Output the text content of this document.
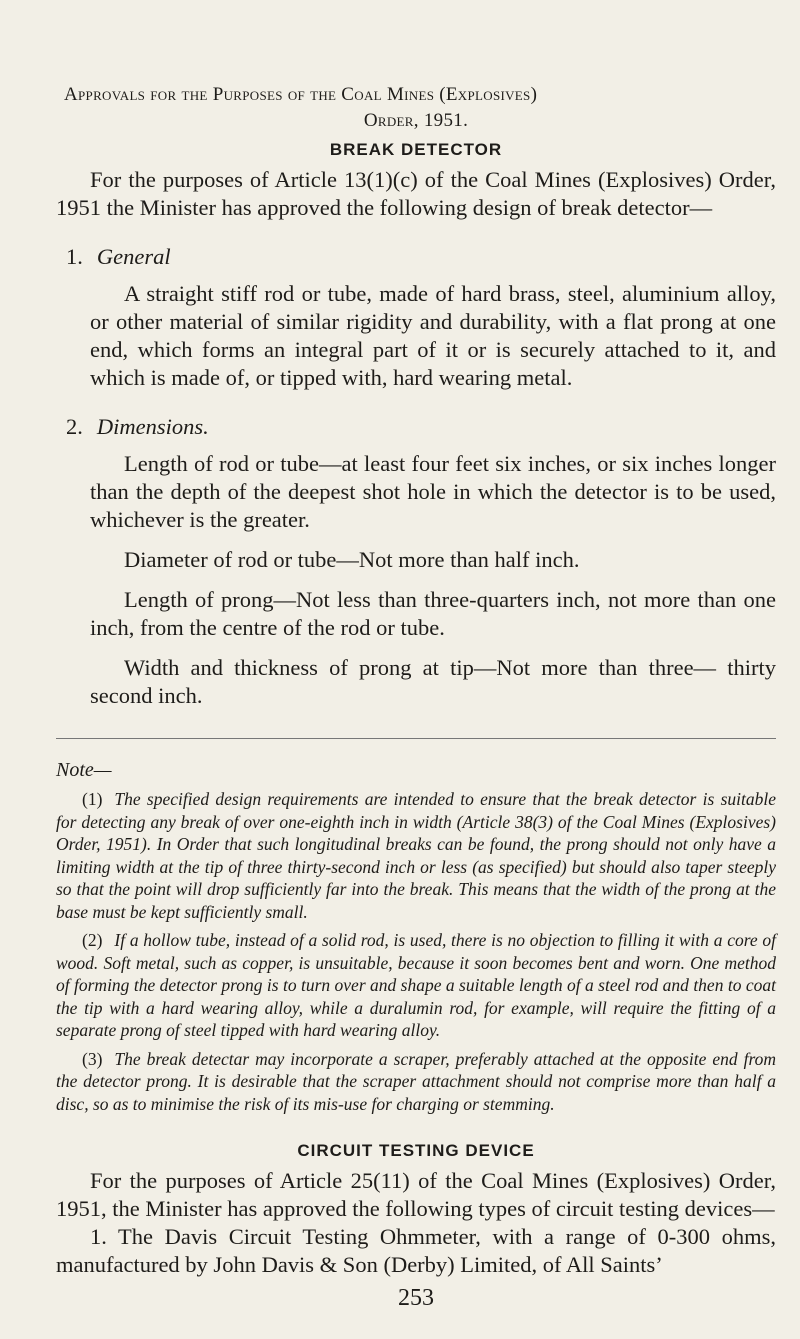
Approvals for the Purposes of the Coal Mines (Explosives)

Order, 1951.

BREAK DETECTOR

For the purposes of Article 13(1)(c) of the Coal Mines (Explosives) Order, 1951 the Minister has approved the following design of break detector—

1. General

A straight stiff rod or tube, made of hard brass, steel, aluminium alloy, or other material of similar rigidity and durability, with a flat prong at one end, which forms an integral part of it or is securely attached to it, and which is made of, or tipped with, hard wearing metal.

2. Dimensions.

Length of rod or tube—at least four feet six inches, or six inches longer than the depth of the deepest shot hole in which the detector is to be used, whichever is the greater.

Diameter of rod or tube—Not more than half inch.

Length of prong—Not less than three-quarters inch, not more than one inch, from the centre of the rod or tube.

Width and thickness of prong at tip—Not more than three— thirty second inch.

Note—

(1) The specified design requirements are intended to ensure that the break detector is suitable for detecting any break of over one-eighth inch in width (Article 38(3) of the Coal Mines (Explosives) Order, 1951). In Order that such longitudinal breaks can be found, the prong should not only have a limiting width at the tip of three thirty-second inch or less (as specified) but should also taper steeply so that the point will drop sufficiently far into the break. This means that the width of the prong at the base must be kept sufficiently small.

(2) If a hollow tube, instead of a solid rod, is used, there is no objection to filling it with a core of wood. Soft metal, such as copper, is unsuitable, because it soon becomes bent and worn. One method of forming the detector prong is to turn over and shape a suitable length of a steel rod and then to coat the tip with a hard wearing alloy, while a duralumin rod, for example, will require the fitting of a separate prong of steel tipped with hard wearing alloy.

(3) The break detectar may incorporate a scraper, preferably attached at the opposite end from the detector prong. It is desirable that the scraper attachment should not comprise more than half a disc, so as to minimise the risk of its mis-use for charging or stemming.

CIRCUIT TESTING DEVICE

For the purposes of Article 25(11) of the Coal Mines (Explosives) Order, 1951, the Minister has approved the following types of circuit testing devices—

1. The Davis Circuit Testing Ohmmeter, with a range of 0-300 ohms, manufactured by John Davis & Son (Derby) Limited, of All Saints’

253
